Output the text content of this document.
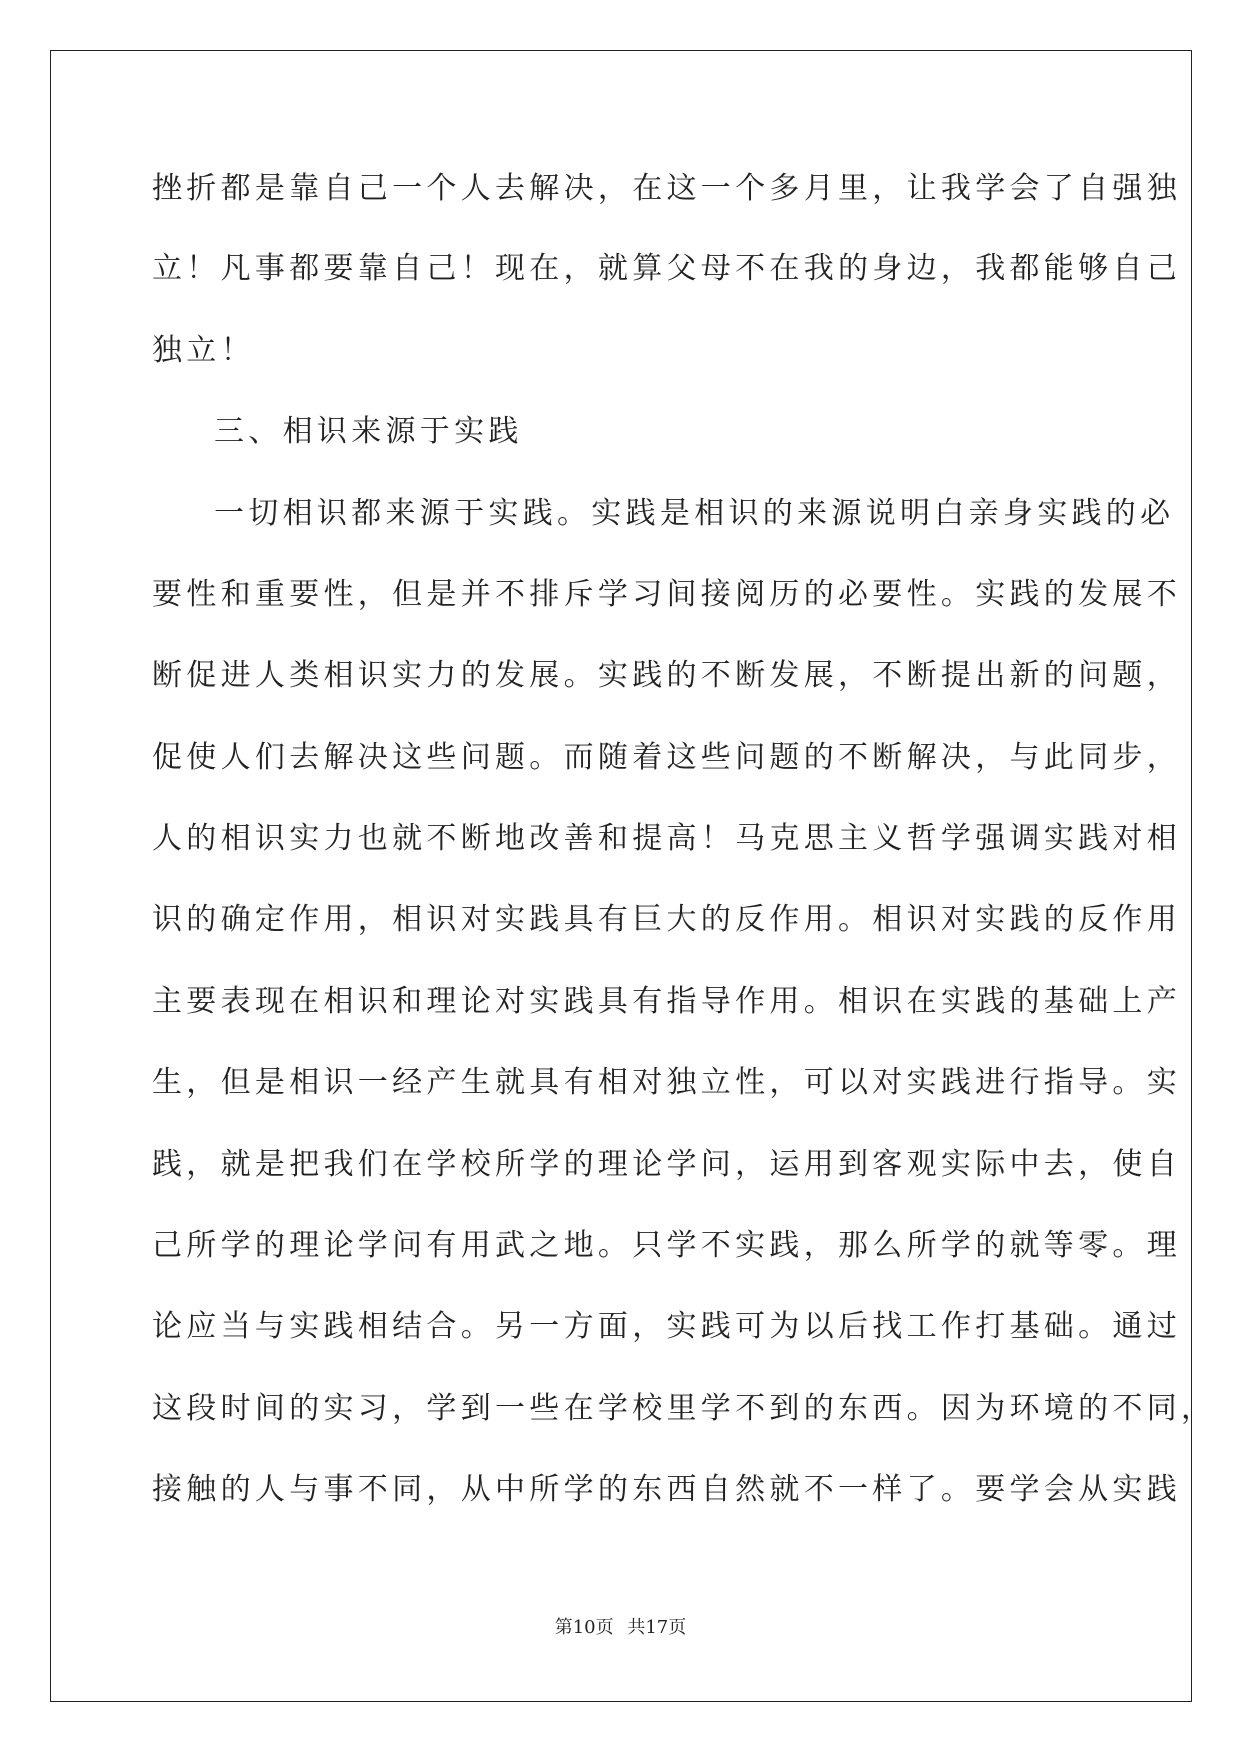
挫折都是靠自己一个人去解决，在这一个多月里，让我学会了自强独
立！凡事都要靠自己！现在，就算父母不在我的身边，我都能够自己
独立！
三、相识来源于实践
一切相识都来源于实践。实践是相识的来源说明白亲身实践的必
要性和重要性，但是并不排斥学习间接阅历的必要性。实践的发展不
断促进人类相识实力的发展。实践的不断发展，不断提出新的问题，
促使人们去解决这些问题。而随着这些问题的不断解决，与此同步，
人的相识实力也就不断地改善和提高！马克思主义哲学强调实践对相
识的确定作用，相识对实践具有巨大的反作用。相识对实践的反作用
主要表现在相识和理论对实践具有指导作用。相识在实践的基础上产
生，但是相识一经产生就具有相对独立性，可以对实践进行指导。实
践，就是把我们在学校所学的理论学问，运用到客观实际中去，使自
己所学的理论学问有用武之地。只学不实践，那么所学的就等零。理
论应当与实践相结合。另一方面，实践可为以后找工作打基础。通过
这段时间的实习，学到一些在学校里学不到的东西。因为环境的不同，
接触的人与事不同，从中所学的东西自然就不一样了。要学会从实践
第10页 共17页
